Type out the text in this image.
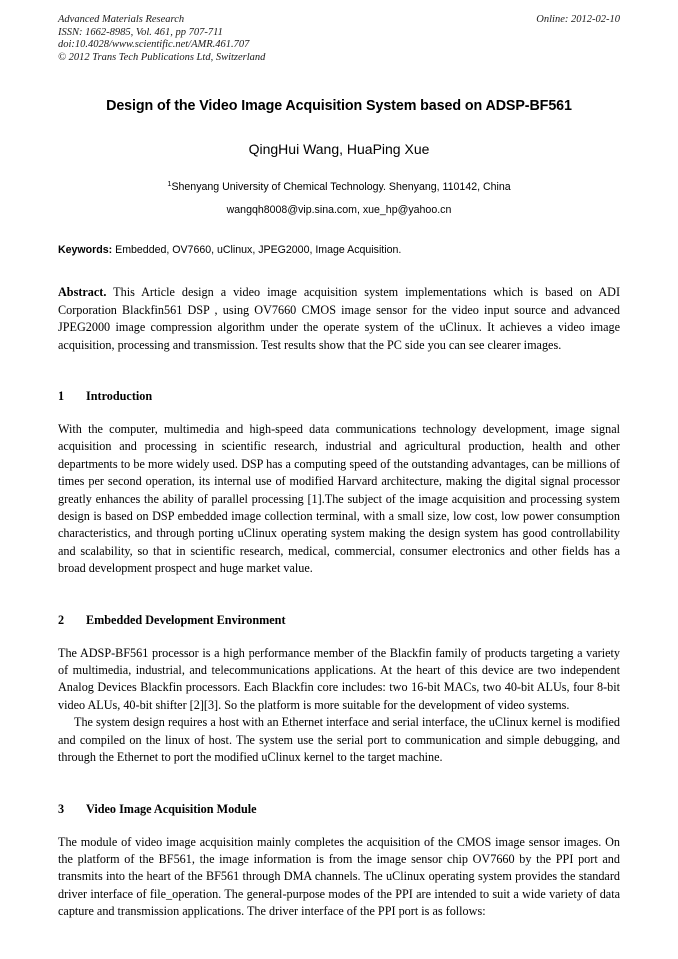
Advanced Materials Research
ISSN: 1662-8985, Vol. 461, pp 707-711
doi:10.4028/www.scientific.net/AMR.461.707
© 2012 Trans Tech Publications Ltd, Switzerland
Online: 2012-02-10
Design of the Video Image Acquisition System based on ADSP-BF561
QingHui Wang, HuaPing Xue
$^1$Shenyang University of Chemical Technology. Shenyang, 110142, China
wangqh8008@vip.sina.com, xue_hp@yahoo.cn
Keywords: Embedded, OV7660, uClinux, JPEG2000, Image Acquisition.
Abstract. This Article design a video image acquisition system implementations which is based on ADI Corporation Blackfin561 DSP , using OV7660 CMOS image sensor for the video input source and advanced JPEG2000 image compression algorithm under the operate system of the uClinux. It achieves a video image acquisition, processing and transmission. Test results show that the PC side you can see clearer images.
1 Introduction
With the computer, multimedia and high-speed data communications technology development, image signal acquisition and processing in scientific research, industrial and agricultural production, health and other departments to be more widely used. DSP has a computing speed of the outstanding advantages, can be millions of times per second operation, its internal use of modified Harvard architecture, making the digital signal processor greatly enhances the ability of parallel processing [1].The subject of the image acquisition and processing system design is based on DSP embedded image collection terminal, with a small size, low cost, low power consumption characteristics, and through porting uClinux operating system making the design system has good controllability and scalability, so that in scientific research, medical, commercial, consumer electronics and other fields has a broad development prospect and huge market value.
2 Embedded Development Environment
The ADSP-BF561 processor is a high performance member of the Blackfin family of products targeting a variety of multimedia, industrial, and telecommunications applications. At the heart of this device are two independent Analog Devices Blackfin processors. Each Blackfin core includes: two 16-bit MACs, two 40-bit ALUs, four 8-bit video ALUs, 40-bit shifter [2][3]. So the platform is more suitable for the development of video systems.
The system design requires a host with an Ethernet interface and serial interface, the uClinux kernel is modified and compiled on the linux of host. The system use the serial port to communication and simple debugging, and through the Ethernet to port the modified uClinux kernel to the target machine.
3 Video Image Acquisition Module
The module of video image acquisition mainly completes the acquisition of the CMOS image sensor images. On the platform of the BF561, the image information is from the image sensor chip OV7660 by the PPI port and transmits into the heart of the BF561 through DMA channels. The uClinux operating system provides the standard driver interface of file_operation. The general-purpose modes of the PPI are intended to suit a wide variety of data capture and transmission applications. The driver interface of the PPI port is as follows:
